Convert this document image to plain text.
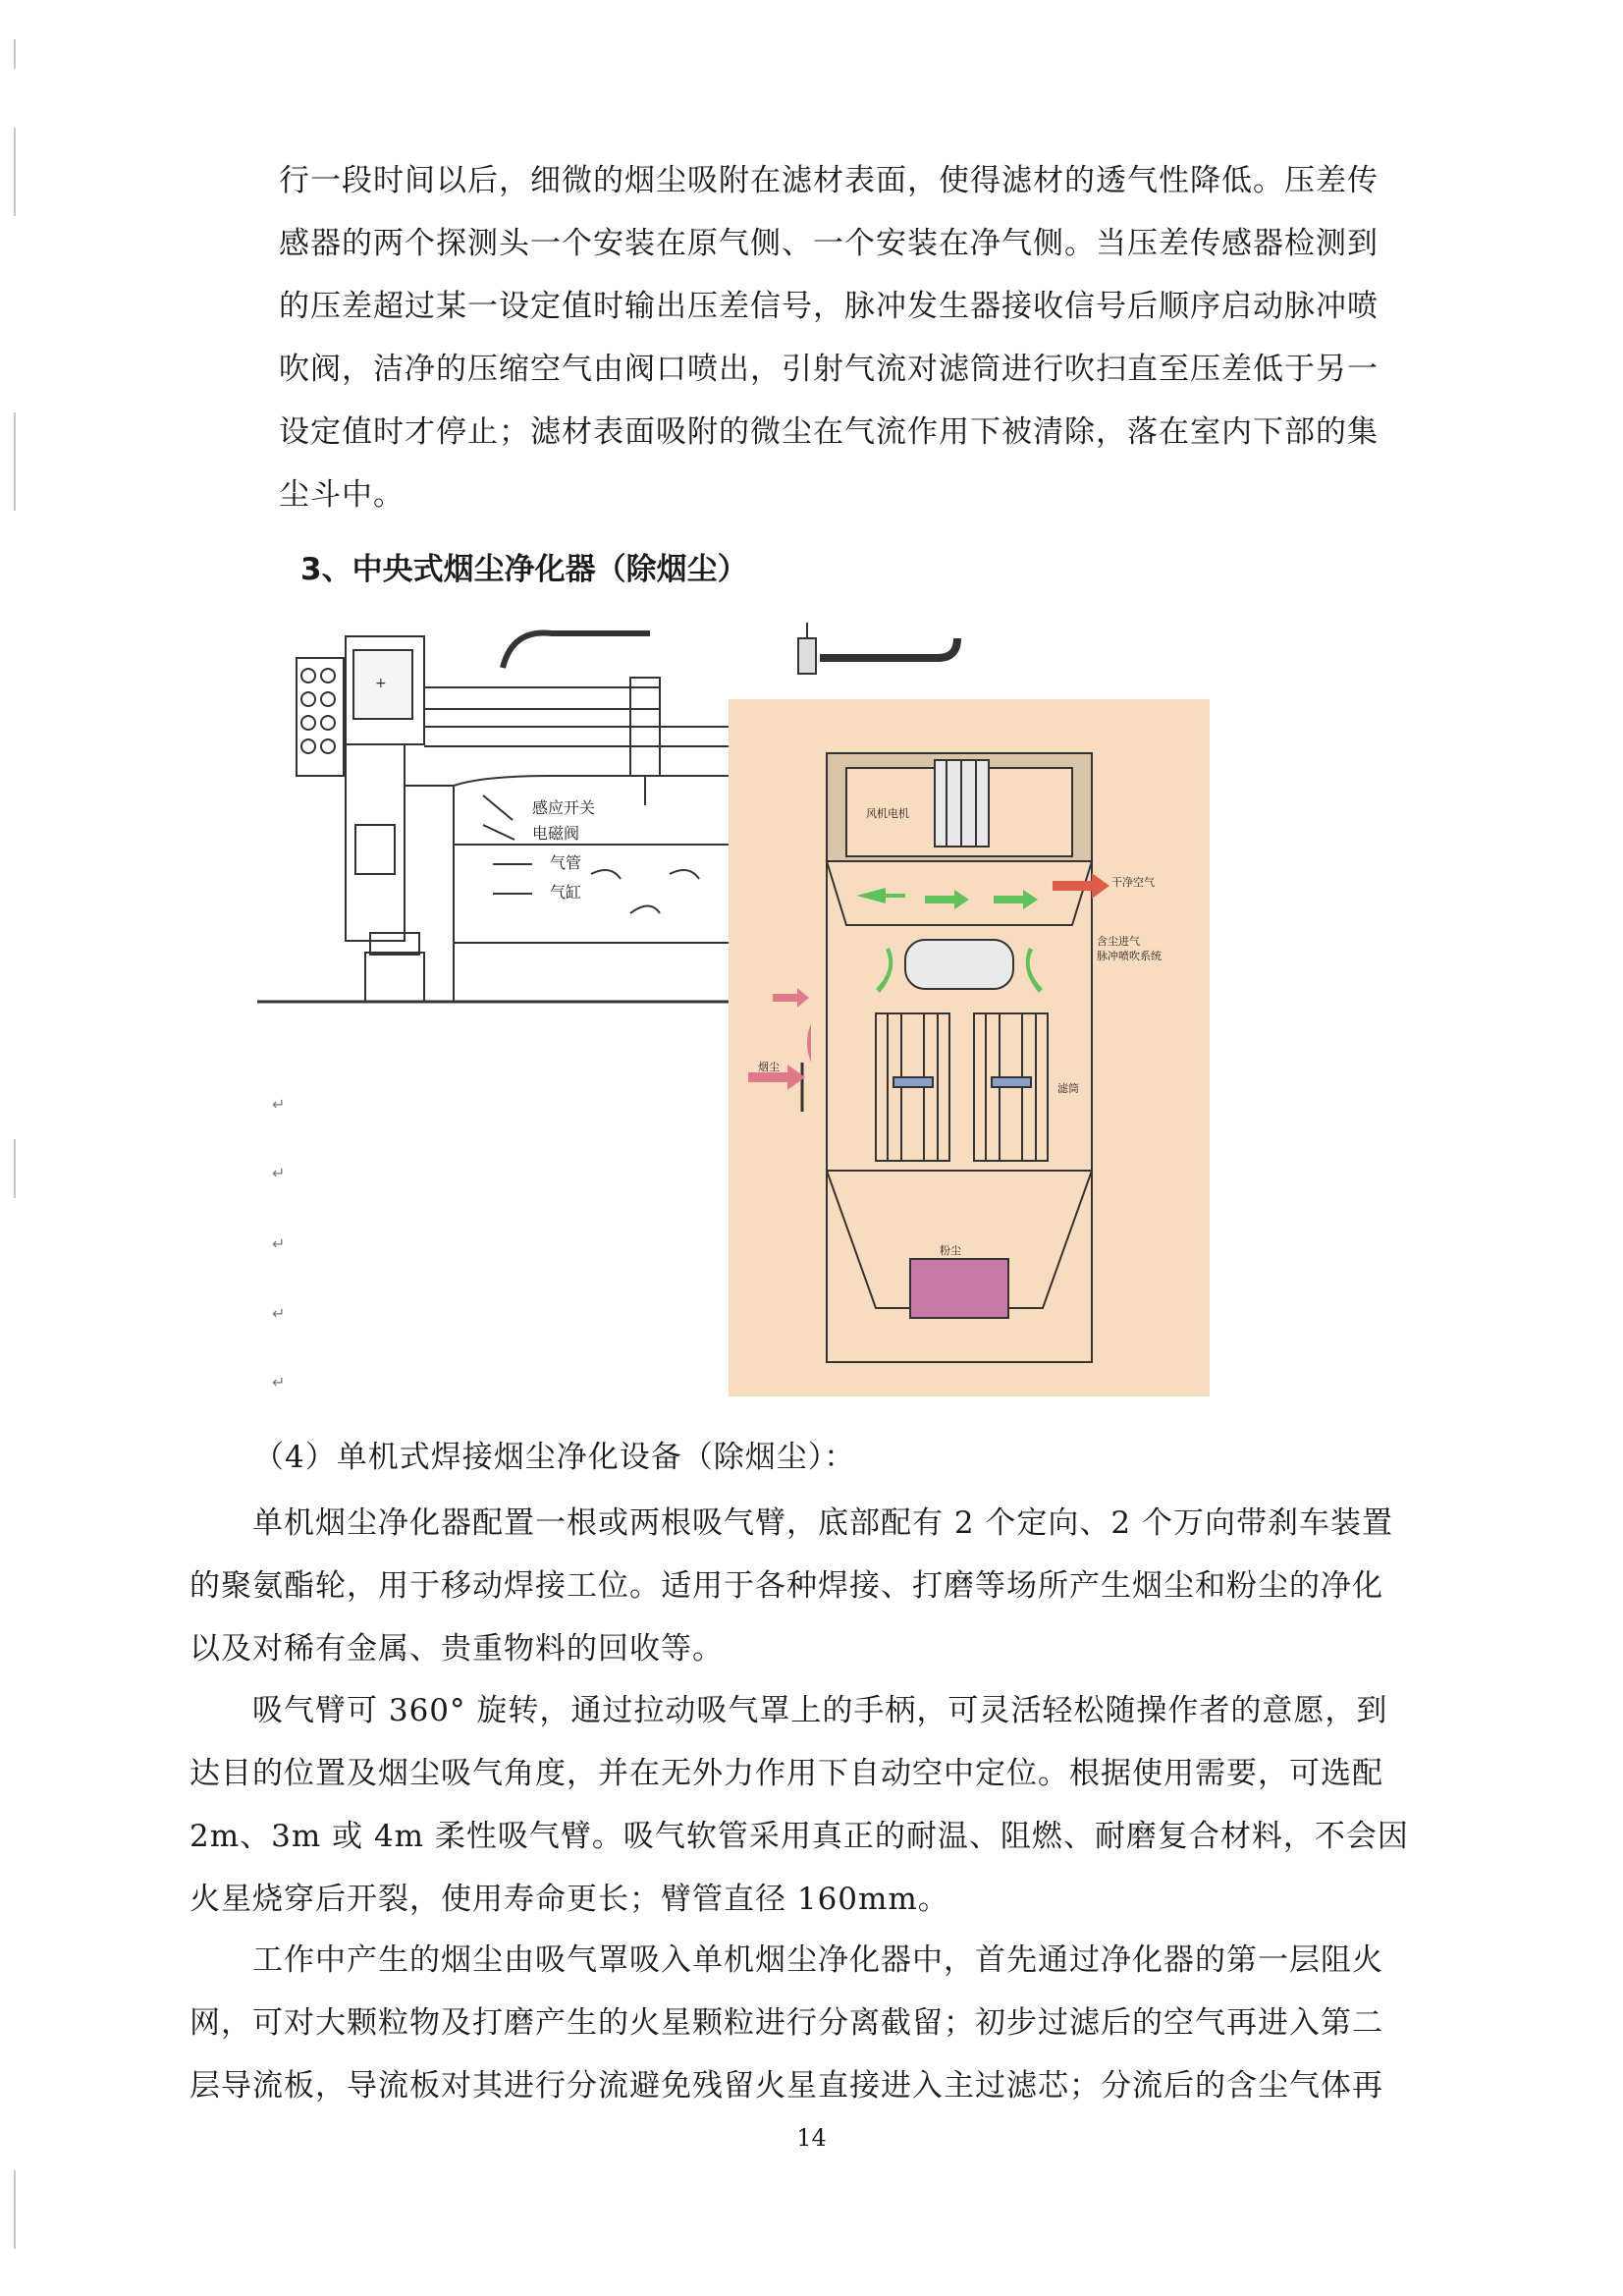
行一段时间以后，细微的烟尘吸附在滤材表面，使得滤材的透气性降低。压差传
感器的两个探测头一个安装在原气侧、一个安装在净气侧。当压差传感器检测到
的压差超过某一设定值时输出压差信号，脉冲发生器接收信号后顺序启动脉冲喷
吹阀，洁净的压缩空气由阀口喷出，引射气流对滤筒进行吹扫直至压差低于另一
设定值时才停止；滤材表面吸附的微尘在气流作用下被清除，落在室内下部的集
尘斗中。
3、中央式烟尘净化器（除烟尘）
+
感应开关
电磁阀
气管
气缸
风机电机
干净空气
含尘进气
脉冲喷吹系统
滤筒
粉尘
烟尘
↵
↵
↵
↵
↵
（4）单机式焊接烟尘净化设备（除烟尘）：
单机烟尘净化器配置一根或两根吸气臂，底部配有 2 个定向、2 个万向带刹车装置
的聚氨酯轮，用于移动焊接工位。适用于各种焊接、打磨等场所产生烟尘和粉尘的净化
以及对稀有金属、贵重物料的回收等。
吸气臂可 360° 旋转，通过拉动吸气罩上的手柄，可灵活轻松随操作者的意愿，到
达目的位置及烟尘吸气角度，并在无外力作用下自动空中定位。根据使用需要，可选配
2m、3m 或 4m 柔性吸气臂。吸气软管采用真正的耐温、阻燃、耐磨复合材料，不会因
火星烧穿后开裂，使用寿命更长；臂管直径 160mm。
工作中产生的烟尘由吸气罩吸入单机烟尘净化器中，首先通过净化器的第一层阻火
网，可对大颗粒物及打磨产生的火星颗粒进行分离截留；初步过滤后的空气再进入第二
层导流板，导流板对其进行分流避免残留火星直接进入主过滤芯；分流后的含尘气体再
14
